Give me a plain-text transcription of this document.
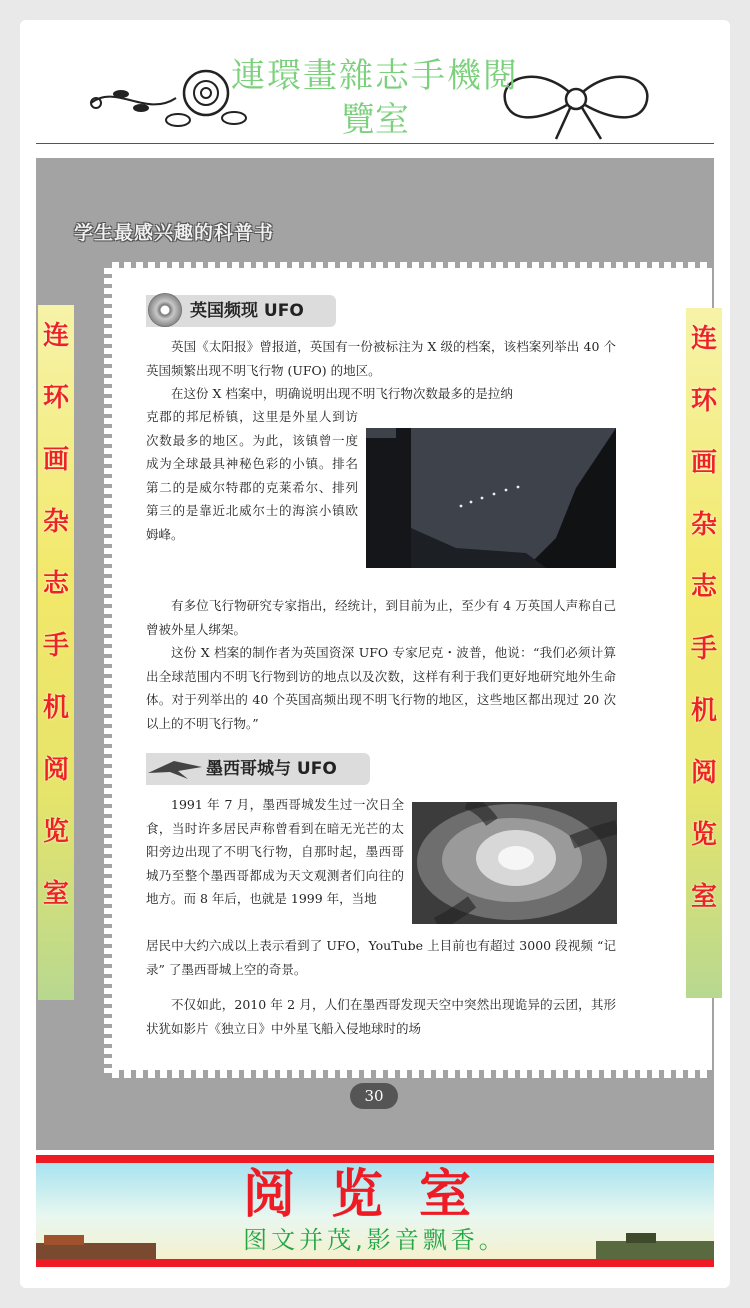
連環畫雜志手機閱
覽室
学生最感兴趣的科普书
英国频现 UFO
英国《太阳报》曾报道，英国有一份被标注为 X 级的档案，该档案列举出 40 个英国频繁出现不明飞行物 (UFO) 的地区。
在这份 X 档案中，明确说明出现不明飞行物次数最多的是拉纳
克郡的邦尼桥镇，这里是外星人到访次数最多的地区。为此，该镇曾一度成为全球最具神秘色彩的小镇。排名第二的是威尔特郡的克莱希尔、排列第三的是靠近北威尔士的海滨小镇欧姆峰。
有多位飞行物研究专家指出，经统计，到目前为止，至少有 4 万英国人声称自己曾被外星人绑架。
这份 X 档案的制作者为英国资深 UFO 专家尼克・波普，他说：“我们必须计算出全球范围内不明飞行物到访的地点以及次数，这样有利于我们更好地研究地外生命体。对于列举出的 40 个英国高频出现不明飞行物的地区，这些地区都出现过 20 次以上的不明飞行物。”
墨西哥城与 UFO
1991 年 7 月，墨西哥城发生过一次日全食，当时许多居民声称曾看到在暗无光芒的太阳旁边出现了不明飞行物，自那时起，墨西哥城乃至整个墨西哥都成为天文观测者们向往的地方。而 8 年后，也就是 1999 年，当地
居民中大约六成以上表示看到了 UFO，YouTube 上目前也有超过 3000 段视频 “记录” 了墨西哥城上空的奇景。
不仅如此，2010 年 2 月，人们在墨西哥发现天空中突然出现诡异的云团，其形状犹如影片《独立日》中外星飞船入侵地球时的场
30
连
环
画
杂
志
手
机
阅
览
室
连
环
画
杂
志
手
机
阅
览
室
阅览室
图文并茂,影音飘香。
